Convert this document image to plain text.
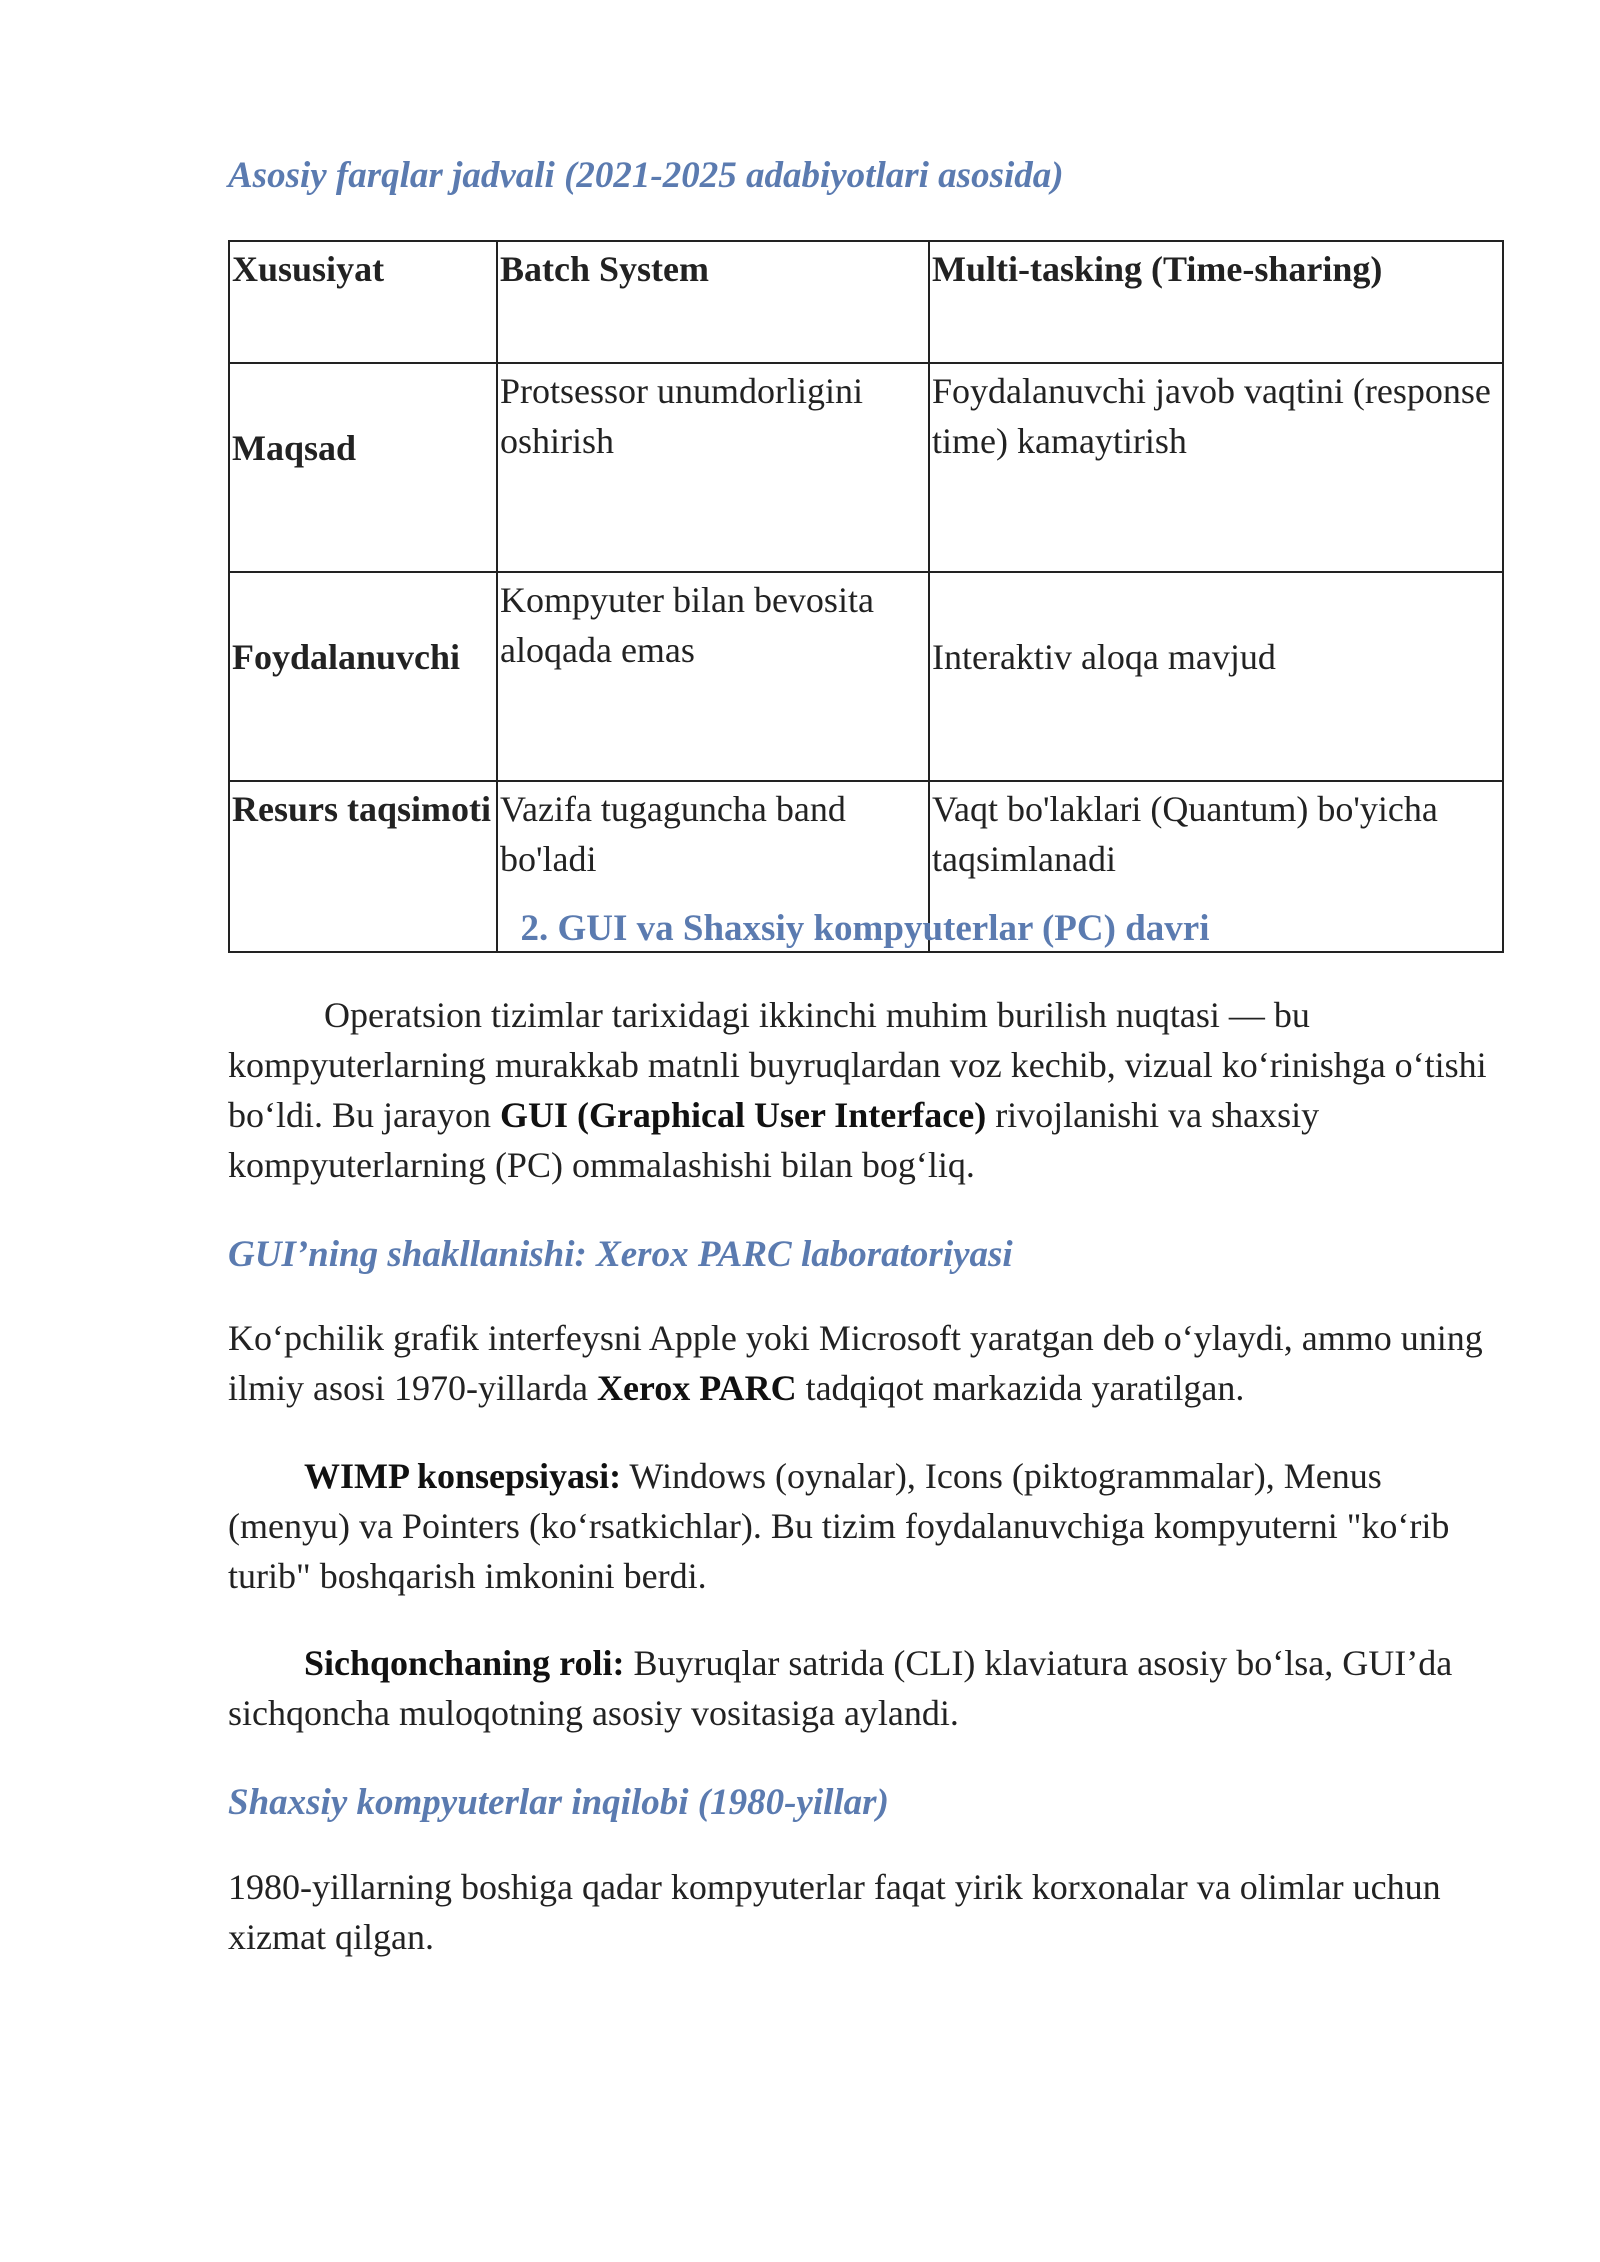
Asosiy farqlar jadvali (2021-2025 adabiyotlari asosida)
Xususiyat	Batch System	Multi-tasking (Time-sharing)
Maqsad	Protsessor unumdorligini oshirish	Foydalanuvchi javob vaqtini (response time) kamaytirish
Foydalanuvchi	Kompyuter bilan bevosita aloqada emas	Interaktiv aloqa mavjud
Resurs taqsimoti	Vazifa tugaguncha band bo'ladi	Vaqt bo'laklari (Quantum) bo'yicha taqsimlanadi
2. GUI va Shaxsiy kompyuterlar (PC) davri
Operatsion tizimlar tarixidagi ikkinchi muhim burilish nuqtasi — bu kompyuterlarning murakkab matnli buyruqlardan voz kechib, vizual ko‘rinishga o‘tishi bo‘ldi. Bu jarayon GUI (Graphical User Interface) rivojlanishi va shaxsiy kompyuterlarning (PC) ommalashishi bilan bog‘liq.
GUI’ning shakllanishi: Xerox PARC laboratoriyasi
Ko‘pchilik grafik interfeysni Apple yoki Microsoft yaratgan deb o‘ylaydi, ammo uning ilmiy asosi 1970-yillarda Xerox PARC tadqiqot markazida yaratilgan.
WIMP konsepsiyasi: Windows (oynalar), Icons (piktogrammalar), Menus (menyu) va Pointers (ko‘rsatkichlar). Bu tizim foydalanuvchiga kompyuterni "ko‘rib turib" boshqarish imkonini berdi.
Sichqonchaning roli: Buyruqlar satrida (CLI) klaviatura asosiy bo‘lsa, GUI’da sichqoncha muloqotning asosiy vositasiga aylandi.
Shaxsiy kompyuterlar inqilobi (1980-yillar)
1980-yillarning boshiga qadar kompyuterlar faqat yirik korxonalar va olimlar uchun xizmat qilgan.
